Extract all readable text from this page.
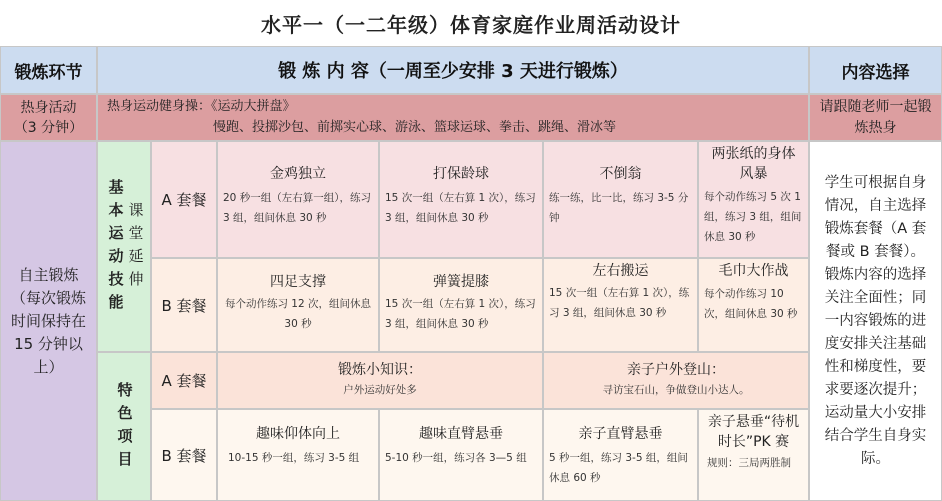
水平一（一二年级）体育家庭作业周活动设计
锻炼环节	锻 炼 内 容（一周至少安排 3 天进行锻炼）	内容选择
热身活动
（3 分钟）
热身运动健身操：《运动大拼盘》
慢跑、投掷沙包、前掷实心球、游泳、篮球运球、拳击、跳绳、滑冰等
请跟随老师一起锻炼热身
自主锻炼
（每次锻炼时间保持在 15 分钟以上）
学生可根据自身情况，自主选择锻炼套餐（A 套餐或 B 套餐）。锻炼内容的选择关注全面性；同一内容锻炼的进度安排关注基础性和梯度性，要求要逐次提升；运动量大小安排结合学生自身实际。
基
本
运
动
技
能
课
堂
延
伸
A 套餐
金鸡独立
20 秒一组（左右算一组），练习 3 组，组间休息 30 秒
打保龄球
15 次一组（左右算 1 次），练习 3 组，组间休息 30 秒
不倒翁
练一练，比一比，练习 3-5 分钟
两张纸的身体风暴
每个动作练习 5 次 1 组，练习 3 组，组间休息 30 秒
B 套餐
四足支撑
每个动作练习 12 次，组间休息 30 秒
弹簧提膝
15 次一组（左右算 1 次），练习 3 组，组间休息 30 秒
左右搬运
15 次一组（左右算 1 次），练习 3 组，组间休息 30 秒
毛巾大作战
每个动作练习 10 次，组间休息 30 秒
特
色
项
目
A 套餐
锻炼小知识：
户外运动好处多
亲子户外登山：
寻访宝石山，争做登山小达人。
B 套餐
趣味仰体向上
10-15 秒一组，练习 3-5 组
趣味直臂悬垂
5-10 秒一组，练习各 3—5 组
亲子直臂悬垂
5 秒一组，练习 3-5 组，组间休息 60 秒
亲子悬垂“待机时长”PK 赛
规则：三局两胜制
